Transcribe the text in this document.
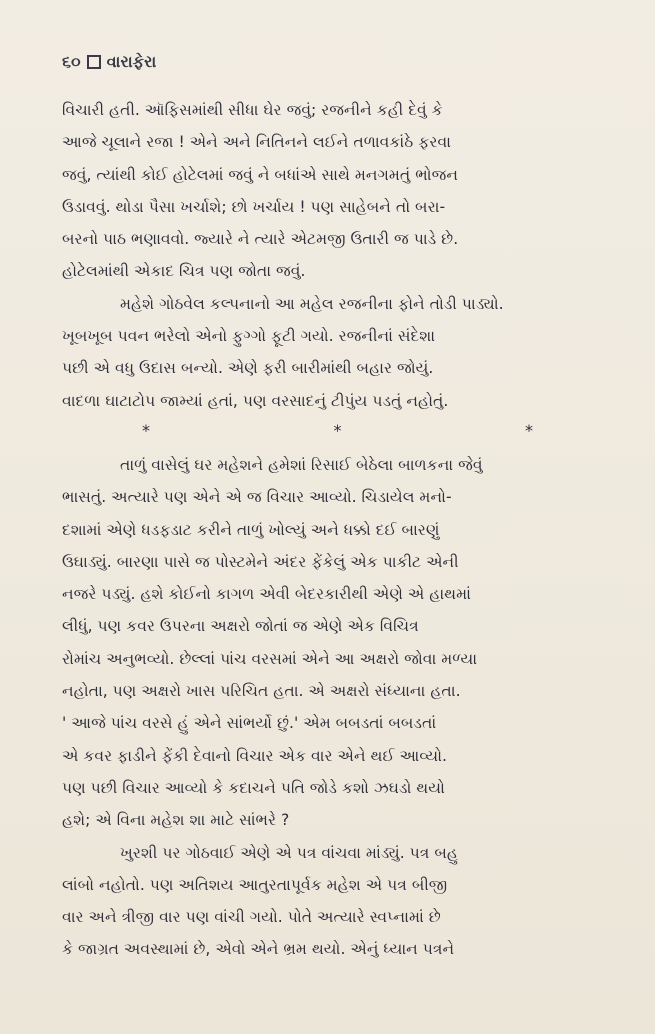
૬૦ વારાફેરા
વિચારી હતી. ઑફિસમાંથી સીધા ઘેર જવું; રજનીને કહી દેવું કે
આજે ચૂલાને રજા ! એને અને નિતિનને લઈને તળાવકાંઠે ફરવા
જવું, ત્યાંથી કોઈ હોટેલમાં જવું ને બધાંએ સાથે મનગમતું ભોજન
ઉડાવવું. થોડા પૈસા ખર્ચાશે; છો ખર્ચાય ! પણ સાહેબને તો બરા-
બરનો પાઠ ભણાવવો. જ્યારે ને ત્યારે એટમજી ઉતારી જ પાડે છે.
હોટેલમાંથી એકાદ ચિત્ર પણ જોતા જવું.
મહેશે ગોઠવેલ કલ્પનાનો આ મહેલ રજનીના ફોને તોડી પાડ્યો.
ખૂબખૂબ પવન ભરેલો એનો ફુગ્ગો ફૂટી ગયો. રજનીનાં સંદેશા
પછી એ વધુ ઉદાસ બન્યો. એણે ફરી બારીમાંથી બહાર જોયું.
વાદળા ઘાટાટોપ જામ્યાં હતાં, પણ વરસાદનું ટીપુંય પડતું નહોતું.
*	*	*
તાળું વાસેલું ઘર મહેશને હમેશાં રિસાઈ બેઠેલા બાળકના જેવું
ભાસતું. અત્યારે પણ એને એ જ વિચાર આવ્યો. ચિડાયેલ મનો-
દશામાં એણે ધડફડાટ કરીને તાળું ખોલ્યું અને ધક્કો દઈ બારણું
ઉઘાડ્યું. બારણા પાસે જ પોસ્ટમેને અંદર ફેંકેલું એક પાકીટ એની
નજરે પડ્યું. હશે કોઈનો કાગળ એવી બેદરકારીથી એણે એ હાથમાં
લીધું, પણ કવર ઉપરના અક્ષરો જોતાં જ એણે એક વિચિત્ર
રોમાંચ અનુભવ્યો. છેલ્લાં પાંચ વરસમાં એને આ અક્ષરો જોવા મળ્યા
નહોતા, પણ અક્ષરો ખાસ પરિચિત હતા. એ અક્ષરો સંધ્યાના હતા.
' આજે પાંચ વરસે હું એને સાંભર્યો છું.' એમ બબડતાં બબડતાં
એ કવર ફાડીને ફેંકી દેવાનો વિચાર એક વાર એને થઈ આવ્યો.
પણ પછી વિચાર આવ્યો કે કદાચને પતિ જોડે કશો ઝઘડો થયો
હશે; એ વિના મહેશ શા માટે સાંભરે ?
ખુરશી પર ગોઠવાઈ એણે એ પત્ર વાંચવા માંડ્યું. પત્ર બહુ
લાંબો નહોતો. પણ અતિશય આતુરતાપૂર્વક મહેશ એ પત્ર બીજી
વાર અને ત્રીજી વાર પણ વાંચી ગયો. પોતે અત્યારે સ્વપ્નામાં છે
કે જાગ્રત અવસ્થામાં છે, એવો એને ભ્રમ થયો. એનું ધ્યાન પત્રને
